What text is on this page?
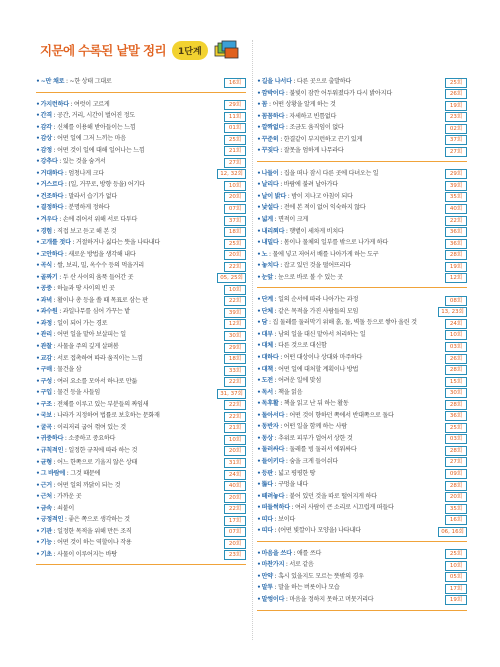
지문에 수록된 낱말 정리	1단계
•~만 채로 : ~한 상태 그대로	16회
•가지런하다 : 여럿이 고르게	29회
•간격 : 공간, 거리, 시간이 벌어진 정도	11회
•감각 : 신체를 이용해 받아들이는 느낌	01회
•감상 : 어떤 일에 그저 느끼는 마음	25회
•감정 : 어떤 것이 일에 대해 일어나는 느낌	21회
•강추다 : 있는 것을 숨겨서	27회
•거대하다 : 엄청나게 크다	12, 32회
•거스르다 : (일, 거꾸로, 방향 등을) 어기다	10회
•건조하다 : 말라서 습기가 없다	20회
•결정하다 : 분명하게 정하다	07회
•겨우다 : 손에 쥐어서 위해 서로 다투다	37회
•경험 : 직접 보고 듣고 해 본 것	18회
•고개를 젓다 : 거절하거나 싫다는 뜻을 나타내다	25회
•고안하다 : 새로운 방법을 생각해 내다	20회
•곡식 : 쌀, 보리, 밀, 옥수수 등의 먹을거리	22회
•골짜기 : 두 산 사이의 움푹 들어간 곳	05, 25회
•공중 : 하늘과 땅 사이의 빈 곳	10회
•과녁 : 활이나 총 등을 쏠 때 목표로 삼는 판	22회
•과수원 : 과일나무를 심어 가꾸는 밭	39회
•과정 : 일이 되어 가는 경로	12회
•관리 : 어떤 일을 맡아 보살피는 일	30회
•관찰 : 사물을 주의 깊게 살펴봄	29회
•교감 : 서로 접촉하여 따라 움직이는 느낌	18회
•구매 : 물건을 삼	33회
•구성 : 여러 요소를 모아서 하나로 만듦	22회
•구입 : 물건 등을 사들임	31, 37회
•구조 : 전체를 이루고 있는 부분들의 짜임새	22회
•국보 : 나라가 지정하여 법률로 보호하는 문화재	22회
•굴곡 : 이리저리 굽어 꺾여 있는 것	21회
•귀중하다 : 소중하고 중요하다	10회
•규칙적인 : 일정한 규칙에 따라 하는 것	20회
•균형 : 어느 한쪽으로 기울지 않은 상태	31회
•그 바람에 : 그것 때문에	24회
•근거 : 어떤 일의 까닭이 되는 것	40회
•근처 : 가까운 곳	20회
•금속 : 쇠붙이	22회
•긍정적인 : 좋은 쪽으로 생각하는 것	17회
•기관 : 일정한 목적을 위해 만든 조직	07회
•기능 : 어떤 것이 하는 역할이나 작용	20회
•기초 : 사물이 이루어지는 바탕	23회
•길을 나서다 : 다른 곳으로 출발하다	25회
•깜박이다 : 불빛이 잠깐 어두워졌다가 다시 밝아지다	26회
•꼼 : 어떤 상황을 알게 하는 것	19회
•꼼꼼하다 : 자세하고 빈틈없다	23회
•깔짝없다 : 조금도 움직임이 없다	02회
•꾸준히 : 한결같이 부지런하고 끈기 있게	37회
•꾸짖다 : 잘못을 엄하게 나무라다	27회
•나들이 : 집을 떠나 잠시 다른 곳에 다녀오는 일	29회
•날리다 : 바람에 불려 날아가다	39회
•날이 밝다 : 밤이 지나고 아침이 되다	35회
•낯설다 : 전에 본 적이 없어 익숙하지 않다	40회
•넓게 : 면적이 크게	22회
•내리쬐다 : 햇볕이 세차게 비치다	36회
•내밀다 : 몸이나 물체의 일부를 밖으로 나가게 하다	36회
•노 : 물에 넣고 저어서 배를 나아가게 하는 도구	28회
•놓치다 : 잡고 있던 것을 떨어뜨리다	19회
•눈앞 : 눈으로 바로 볼 수 있는 곳	12회
•단계 : 일의 순서에 따라 나아가는 과정	08회
•단체 : 같은 목적을 가진 사람들의 모임	13, 23회
•담 : 집 둘레를 둘러막기 위해 흙, 돌, 벽돌 등으로 쌓아 올린 것	24회
•대부 : 남의 일을 대신 맡아서 처리하는 일	10회
•대체 : 다른 것으로 대신함	03회
•대하다 : 어떤 대상이나 상대와 마주하다	26회
•대책 : 어떤 일에 대처할 계획이나 방법	28회
•도전 : 어려운 일에 맞섬	15회
•독서 : 책을 읽음	30회
•독후활 : 책을 읽고 난 뒤 하는 활동	28회
•돌아서다 : 어떤 것이 향하던 쪽에서 반대쪽으로 돌다	36회
•동반자 : 어떤 일을 함께 하는 사람	25회
•동상 : 추위로 피부가 얼어서 상한 것	03회
•둘러싸다 : 둘레를 빙 둘러서 에워싸다	28회
•들이키다 : 숨을 크게 들이쉬다	27회
•등판 : 넓고 평평한 땅	09회
•뚫다 : 구멍을 내다	28회
•떼려놓다 : 붙어 있던 것을 따로 떨어지게 하다	20회
•떠들썩하다 : 여러 사람이 큰 소리로 시끄럽게 떠들다	35회
•띠다 : 보이다	16회
•띠다 : (어떤 빛깔이나 모양을) 나타내다	06, 16회
•마음을 쓰다 : 애를 쓰다	25회
•마찬가지 : 서로 같음	10회
•만약 : 혹시 있을지도 모르는 뜻밖의 경우	05회
•말투 : 말을 하는 버릇이나 모습	17회
•말썽이다 : 마음을 정하지 못하고 머뭇거리다	19회
